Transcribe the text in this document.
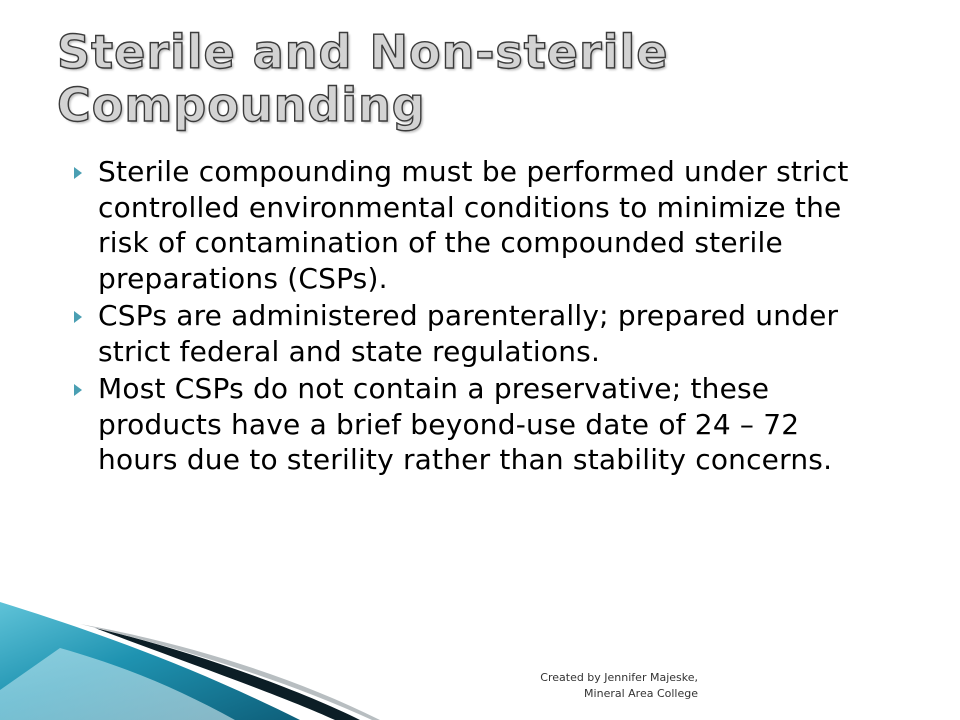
Sterile and Non-sterile Compounding
Sterile compounding must be performed under strict controlled environmental conditions to minimize the risk of contamination of the compounded sterile preparations (CSPs).
CSPs are administered parenterally; prepared under strict federal and state regulations.
Most CSPs do not contain a preservative; these products have a brief beyond-use date of 24 – 72 hours due to sterility rather than stability concerns.
Created by Jennifer Majeske,
Mineral Area College
